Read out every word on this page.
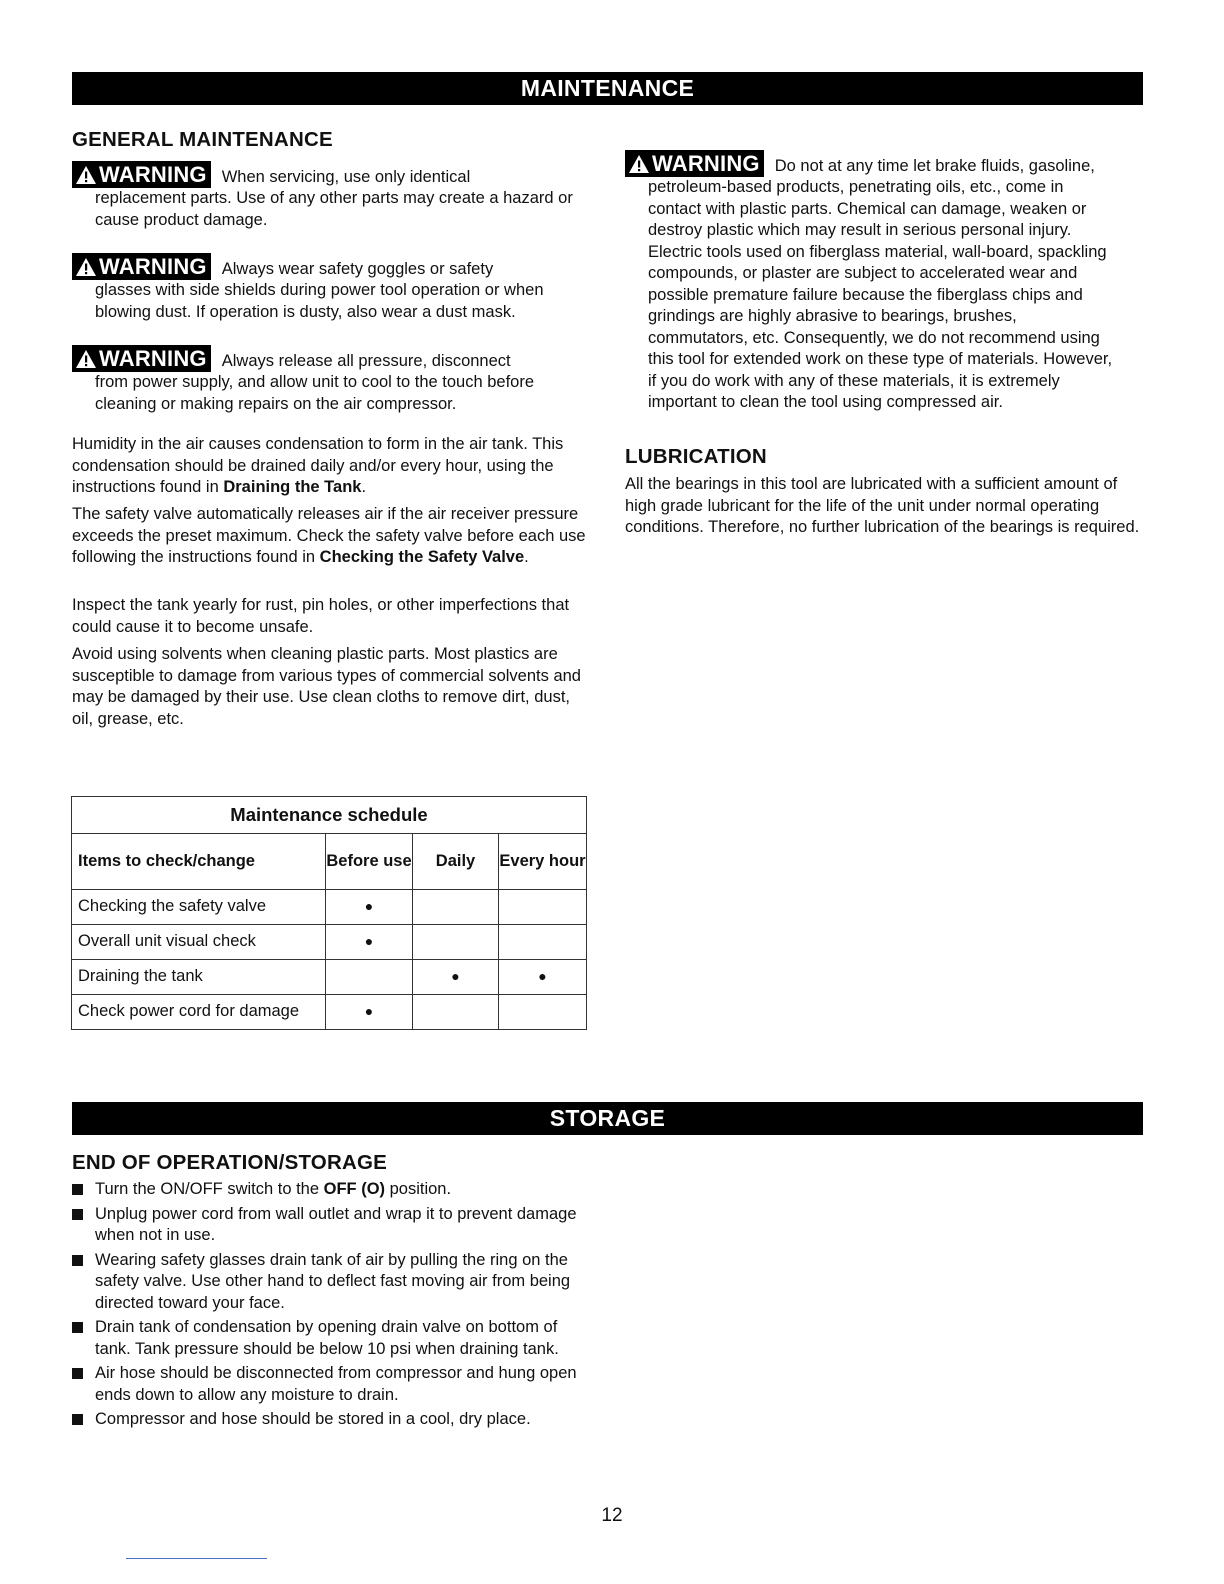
MAINTENANCE
GENERAL MAINTENANCE
WARNING When servicing, use only identical
replacement parts. Use of any other parts may create a hazard or cause product damage.
WARNING Always wear safety goggles or safety
glasses with side shields during power tool operation or when blowing dust. If operation is dusty, also wear a dust mask.
WARNING Always release all pressure, disconnect
from power supply, and allow unit to cool to the touch before cleaning or making repairs on the air compressor.
Humidity in the air causes condensation to form in the air tank. This condensation should be drained daily and/or every hour, using the instructions found in Draining the Tank.
The safety valve automatically releases air if the air receiver pressure exceeds the preset maximum. Check the safety valve before each use following the instructions found in Checking the Safety Valve.
Inspect the tank yearly for rust, pin holes, or other imperfections that could cause it to become unsafe.
Avoid using solvents when cleaning plastic parts. Most plastics are susceptible to damage from various types of commercial solvents and may be damaged by their use. Use clean cloths to remove dirt, dust, oil, grease, etc.
WARNING Do not at any time let brake fluids, gasoline,
petroleum-based products, penetrating oils, etc., come in contact with plastic parts. Chemical can damage, weaken or destroy plastic which may result in serious personal injury. Electric tools used on fiberglass material, wall-board, spackling compounds, or plaster are subject to accelerated wear and possible premature failure because the fiberglass chips and grindings are highly abrasive to bearings, brushes, commutators, etc. Consequently, we do not recommend using this tool for extended work on these type of materials. However, if you do work with any of these materials, it is extremely important to clean the tool using compressed air.
LUBRICATION
All the bearings in this tool are lubricated with a sufficient amount of high grade lubricant for the life of the unit under normal operating conditions. Therefore, no further lubrication of the bearings is required.
Maintenance schedule			
Items to check/change	Before use	Daily	Every hour
Checking the safety valve	●		
Overall unit visual check	●		
Draining the tank		●	●
Check power cord for damage	●		
STORAGE
END OF OPERATION/STORAGE
Turn the ON/OFF switch to the OFF (O) position.
Unplug power cord from wall outlet and wrap it to prevent damage when not in use.
Wearing safety glasses drain tank of air by pulling the ring on the safety valve. Use other hand to deflect fast moving air from being directed toward your face.
Drain tank of condensation by opening drain valve on bottom of tank. Tank pressure should be below 10 psi when draining tank.
Air hose should be disconnected from compressor and hung open ends down to allow any moisture to drain.
Compressor and hose should be stored in a cool, dry place.
12
